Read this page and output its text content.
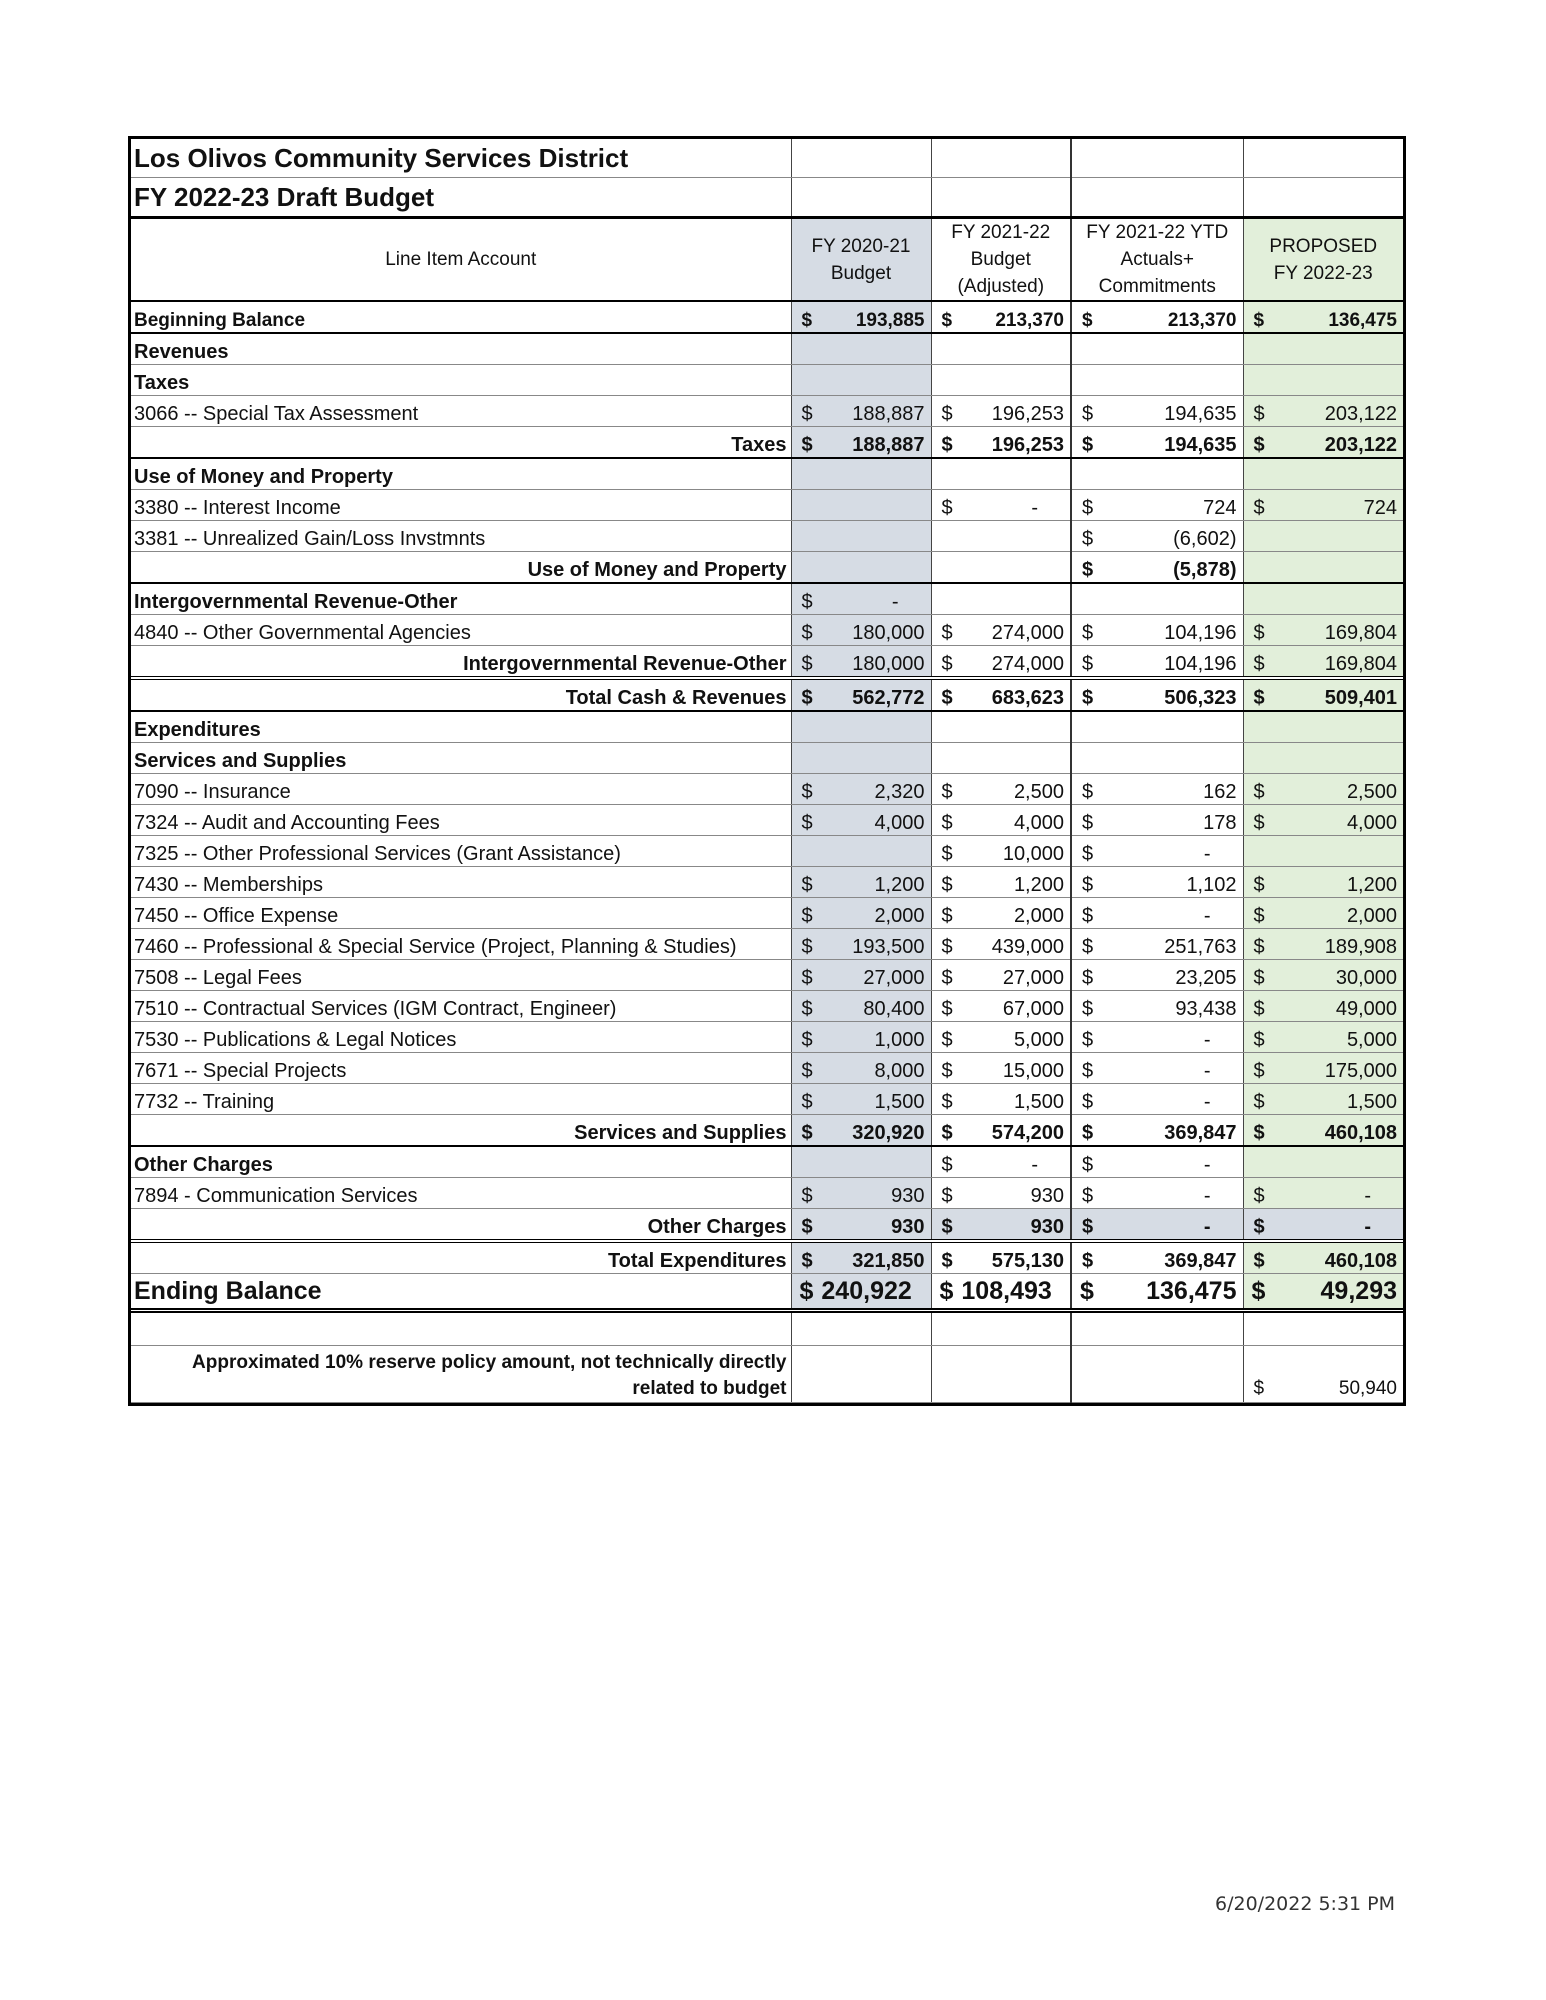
Los Olivos Community Services District				
FY 2022-23 Draft Budget				
Line Item Account	FY 2020-21 Budget	FY 2021-22 Budget (Adjusted)	FY 2021-22 YTD Actuals+ Commitments	PROPOSED FY 2022-23
Beginning Balance	$ 193,885	$ 213,370	$ 213,370	$ 136,475

Revenues				
Taxes				
3066 -- Special Tax Assessment	$ 188,887	$ 196,253	$ 194,635	$ 203,122

Taxes	$ 188,887	$ 196,253	$ 194,635	$ 203,122

Use of Money and Property				
3380 -- Interest Income		$ -	$ 724	$ 724

3381 -- Unrealized Gain/Loss Invstmnts			$ (6,602)	

Use of Money and Property			$ (5,878)	

Intergovernmental Revenue-Other	$ -			

4840 -- Other Governmental Agencies	$ 180,000	$ 274,000	$ 104,196	$ 169,804

Intergovernmental Revenue-Other	$ 180,000	$ 274,000	$ 104,196	$ 169,804

Total Cash & Revenues	$ 562,772	$ 683,623	$ 506,323	$ 509,401

Expenditures				
Services and Supplies				
7090 -- Insurance	$ 2,320	$ 2,500	$ 162	$ 2,500

7324 -- Audit and Accounting Fees	$ 4,000	$ 4,000	$ 178	$ 4,000

7325 -- Other Professional Services (Grant Assistance)		$ 10,000	$ -	

7430 -- Memberships	$ 1,200	$ 1,200	$ 1,102	$ 1,200

7450 -- Office Expense	$ 2,000	$ 2,000	$ -	$ 2,000

7460 -- Professional & Special Service (Project, Planning & Studies)	$ 193,500	$ 439,000	$ 251,763	$ 189,908

7508 -- Legal Fees	$ 27,000	$ 27,000	$ 23,205	$ 30,000

7510 -- Contractual Services (IGM Contract, Engineer)	$ 80,400	$ 67,000	$ 93,438	$ 49,000

7530 -- Publications & Legal Notices	$ 1,000	$ 5,000	$ -	$ 5,000

7671 -- Special Projects	$ 8,000	$ 15,000	$ -	$ 175,000

7732 -- Training	$ 1,500	$ 1,500	$ -	$ 1,500

Services and Supplies	$ 320,920	$ 574,200	$ 369,847	$ 460,108

Other Charges		$ -	$ -	

7894 - Communication Services	$ 930	$ 930	$ -	$ -

Other Charges	$ 930	$ 930	$ -	$ -

Total Expenditures	$ 321,850	$ 575,130	$ 369,847	$ 460,108

Ending Balance	$ 240,922	$ 108,493	$ 136,475	$ 49,293

Approximated 10% reserve policy amount, not technically directly related to budget				$ 50,940
6/20/2022 5:31 PM
